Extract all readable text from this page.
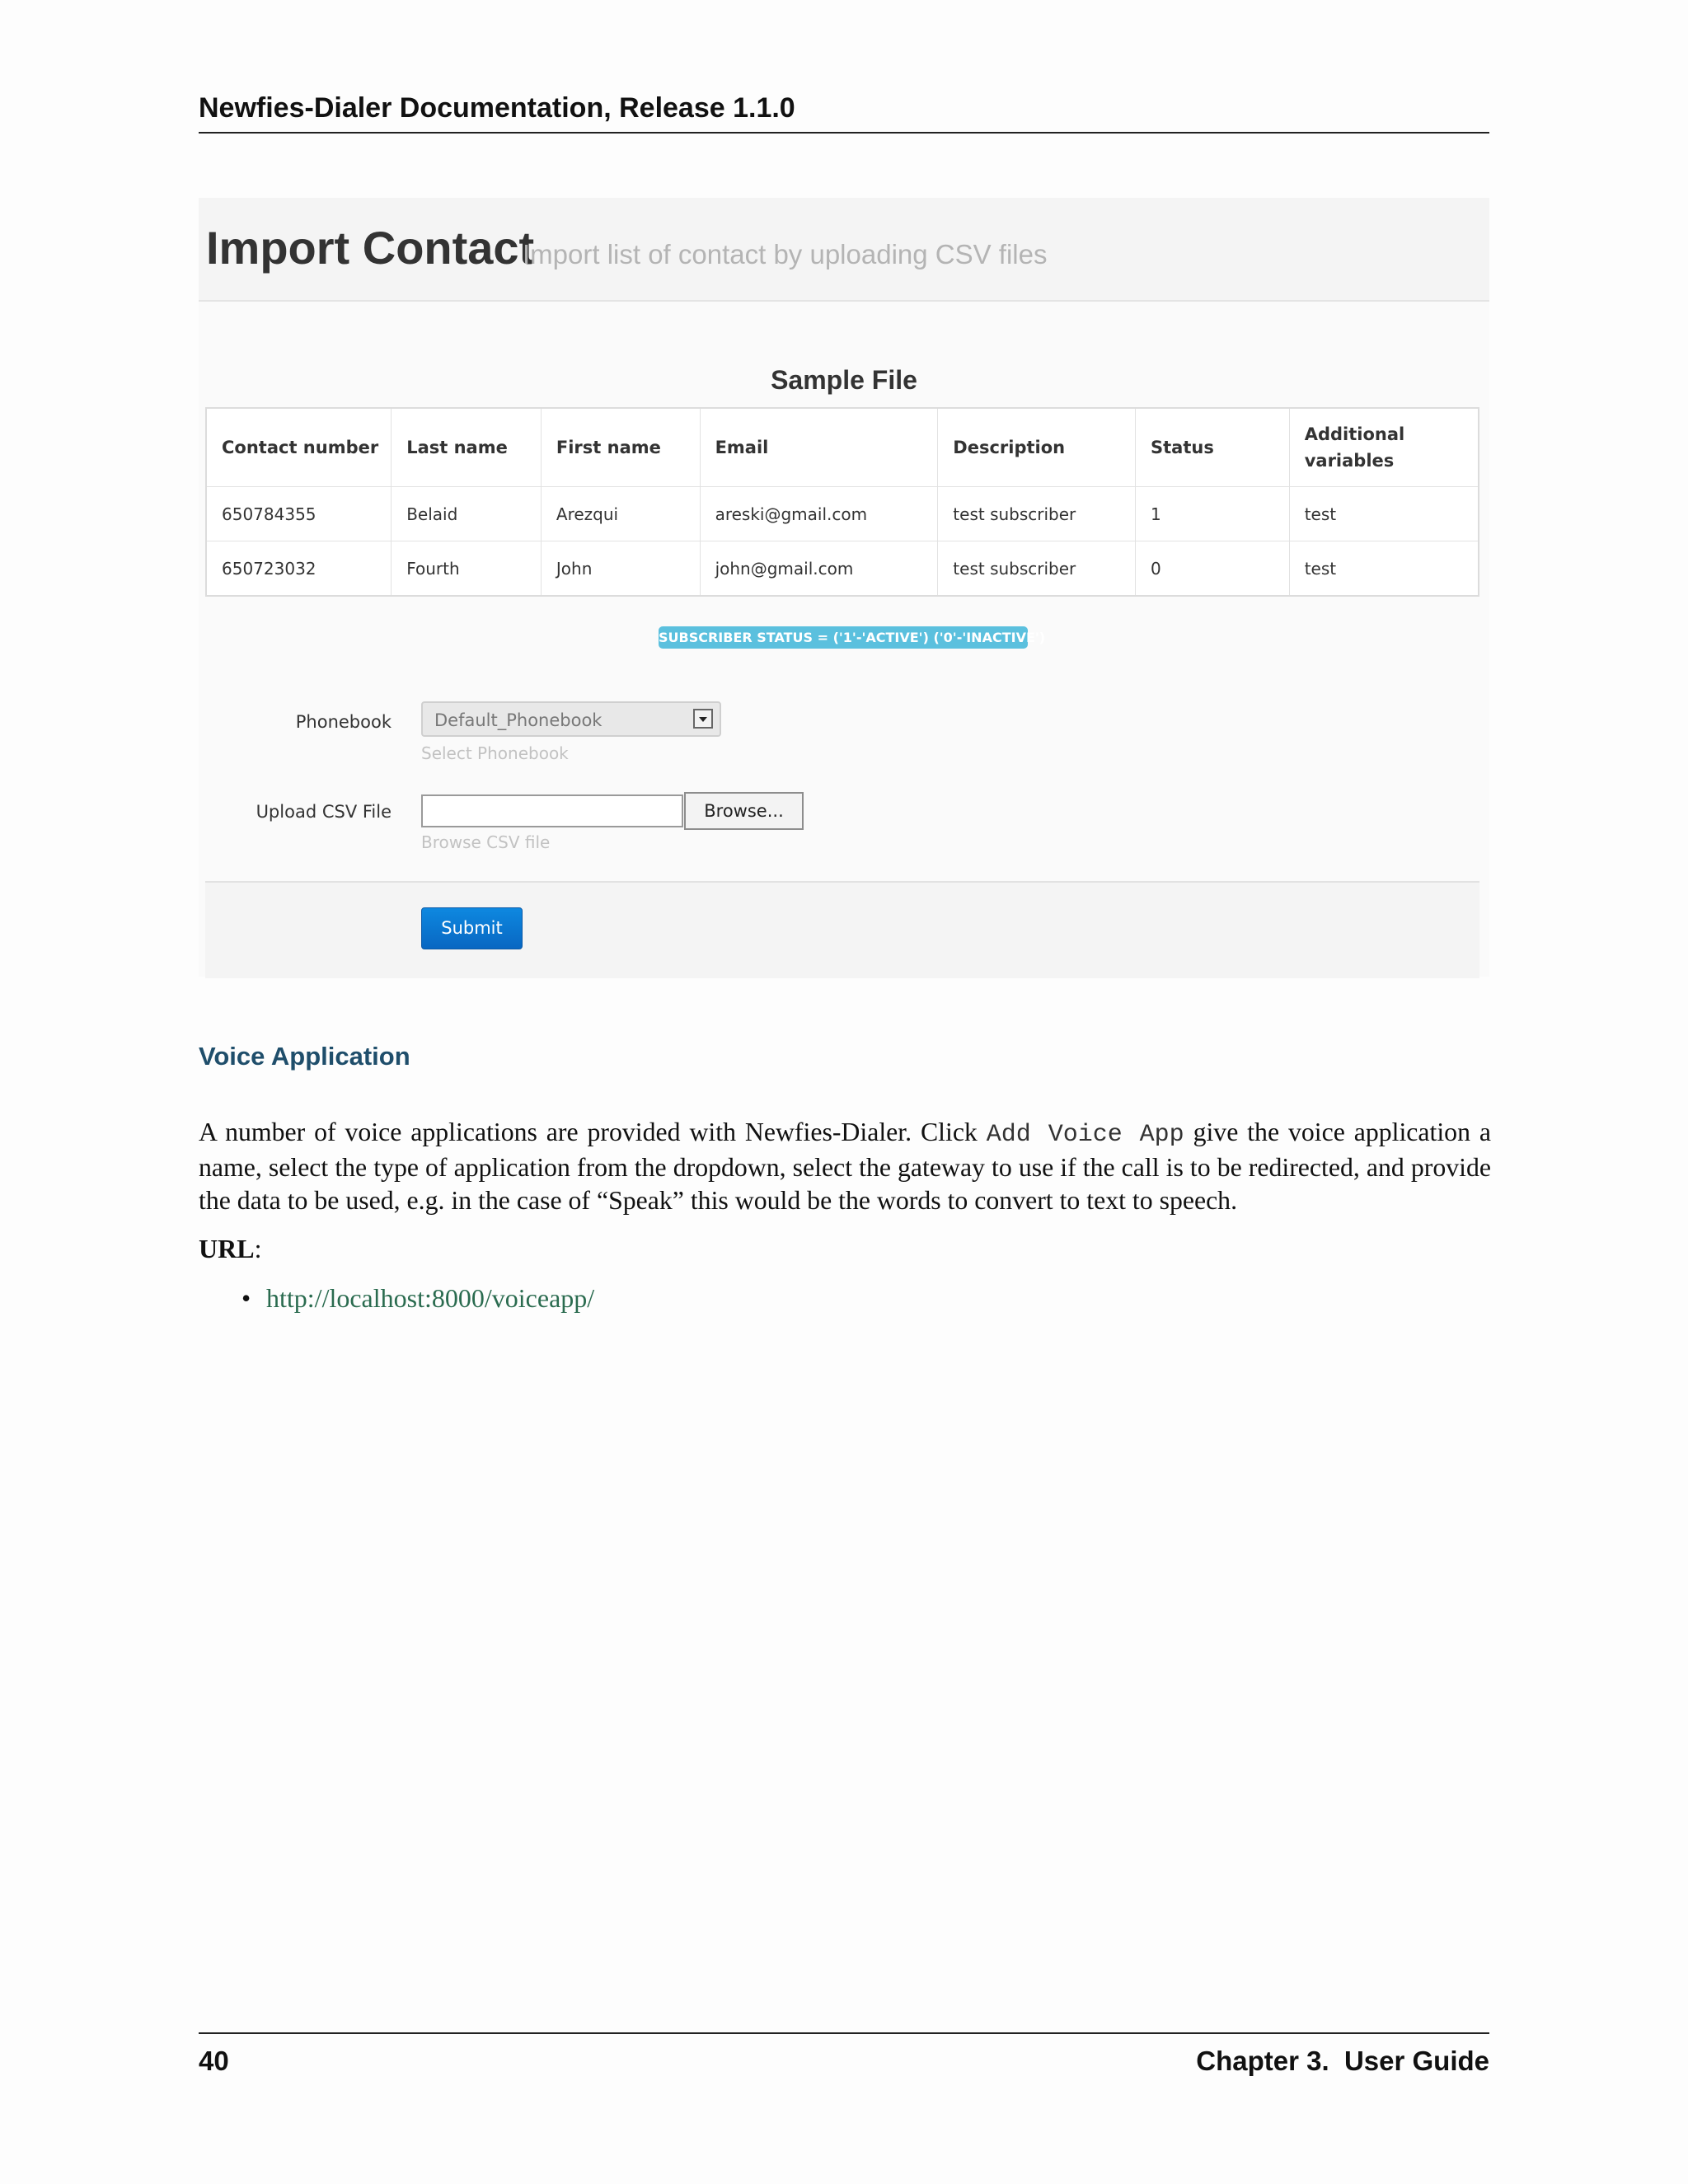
Newfies-Dialer Documentation, Release 1.1.0
Import Contact
Import list of contact by uploading CSV files
Sample File
Contact number	Last name	First name	Email	Description	Status	Additional variables
650784355	Belaid	Arezqui	areski@gmail.com	test subscriber	1	test
650723032	Fourth	John	john@gmail.com	test subscriber	0	test
SUBSCRIBER STATUS = ('1'-'ACTIVE') ('0'-'INACTIVE')
Phonebook Default_Phonebook
Select Phonebook
Upload CSV File	Browse...
Browse CSV file
Submit
Voice Application
A number of voice applications are provided with Newfies-Dialer. Click Add Voice App give the voice application a name, select the type of application from the dropdown, select the gateway to use if the call is to be redirected, and provide the data to be used, e.g. in the case of “Speak” this would be the words to convert to text to speech.
URL:
• http://localhost:8000/voiceapp/
40	Chapter 3.  User Guide
